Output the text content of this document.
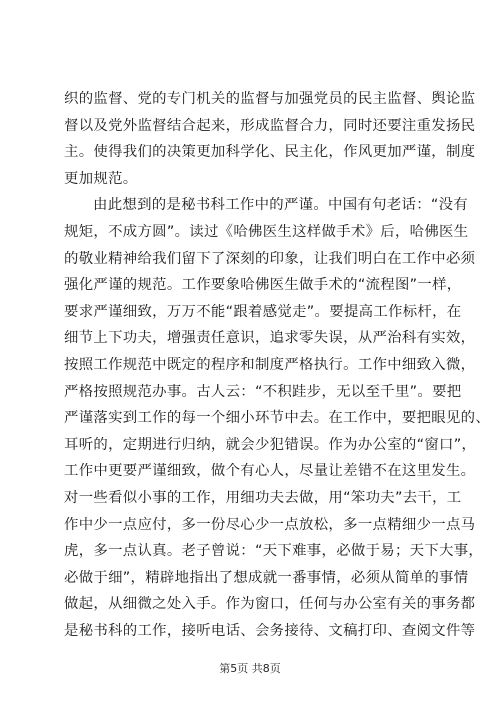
织的监督、党的专门机关的监督与加强党员的民主监督、舆论监
督以及党外监督结合起来，形成监督合力，同时还要注重发扬民
主。使得我们的决策更加科学化、民主化，作风更加严谨，制度
更加规范。
由此想到的是秘书科工作中的严谨。中国有句老话：“没有
规矩，不成方圆”。读过《哈佛医生这样做手术》后，哈佛医生
的敬业精神给我们留下了深刻的印象，让我们明白在工作中必须
强化严谨的规范。工作要象哈佛医生做手术的“流程图”一样，
要求严谨细致，万万不能“跟着感觉走”。要提高工作标杆，在
细节上下功夫，增强责任意识，追求零失误，从严治科有实效，
按照工作规范中既定的程序和制度严格执行。工作中细致入微，
严格按照规范办事。古人云：“不积跬步，无以至千里”。要把
严谨落实到工作的每一个细小环节中去。在工作中，要把眼见的、
耳听的，定期进行归纳，就会少犯错误。作为办公室的“窗口”，
工作中更要严谨细致，做个有心人，尽量让差错不在这里发生。
对一些看似小事的工作，用细功夫去做，用“笨功夫”去干，工
作中少一点应付，多一份尽心少一点放松，多一点精细少一点马
虎，多一点认真。老子曾说：“天下难事，必做于易；天下大事，
必做于细”，精辟地指出了想成就一番事情，必须从简单的事情
做起，从细微之处入手。作为窗口，任何与办公室有关的事务都
是秘书科的工作，接听电话、会务接待、文稿打印、查阅文件等
第5页 共8页
